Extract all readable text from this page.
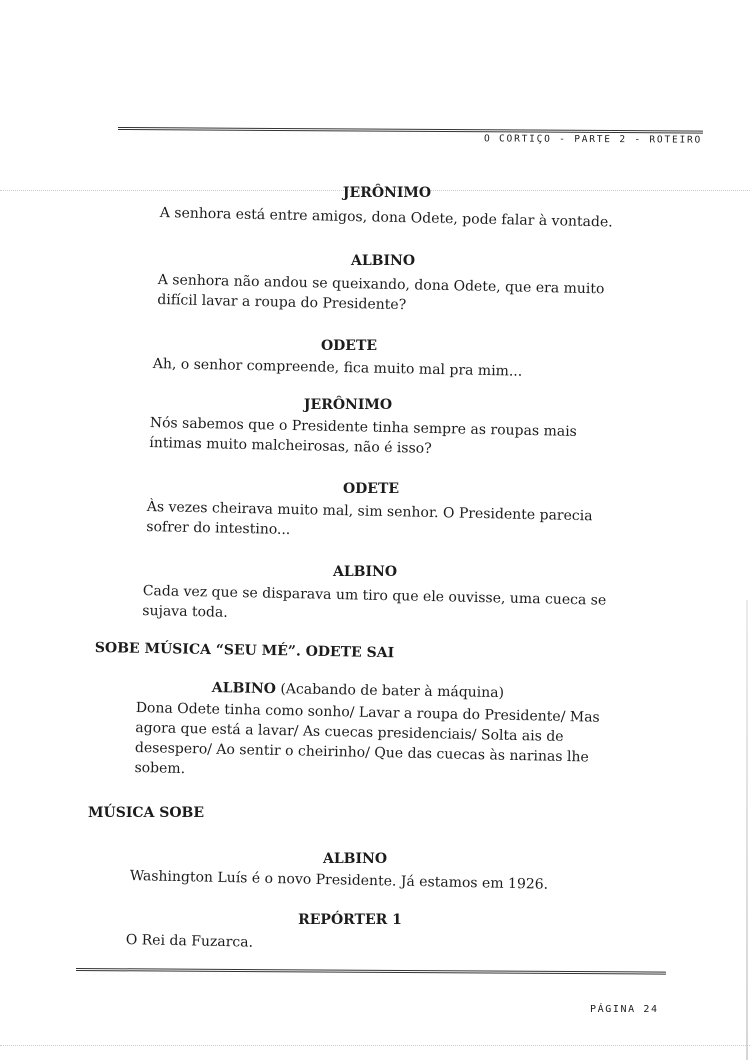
O CORTIÇO - PARTE 2 - ROTEIRO
JERÔNIMO
A senhora está entre amigos, dona Odete, pode falar à vontade.
ALBINO
A senhora não andou se queixando, dona Odete, que era muito difícil lavar a roupa do Presidente?
ODETE
Ah, o senhor compreende, fica muito mal pra mim...
JERÔNIMO
Nós sabemos que o Presidente tinha sempre as roupas mais íntimas muito malcheirosas, não é isso?
ODETE
Às vezes cheirava muito mal, sim senhor. O Presidente parecia sofrer do intestino...
ALBINO
Cada vez que se disparava um tiro que ele ouvisse, uma cueca se sujava toda.
SOBE MÚSICA “SEU MÉ”. ODETE SAI
ALBINO (Acabando de bater à máquina)
Dona Odete tinha como sonho/ Lavar a roupa do Presidente/ Mas agora que está a lavar/ As cuecas presidenciais/ Solta ais de desespero/ Ao sentir o cheirinho/ Que das cuecas às narinas lhe sobem.
MÚSICA SOBE
ALBINO
Washington Luís é o novo Presidente. Já estamos em 1926.
REPÓRTER 1
O Rei da Fuzarca.
PÁGINA 24
